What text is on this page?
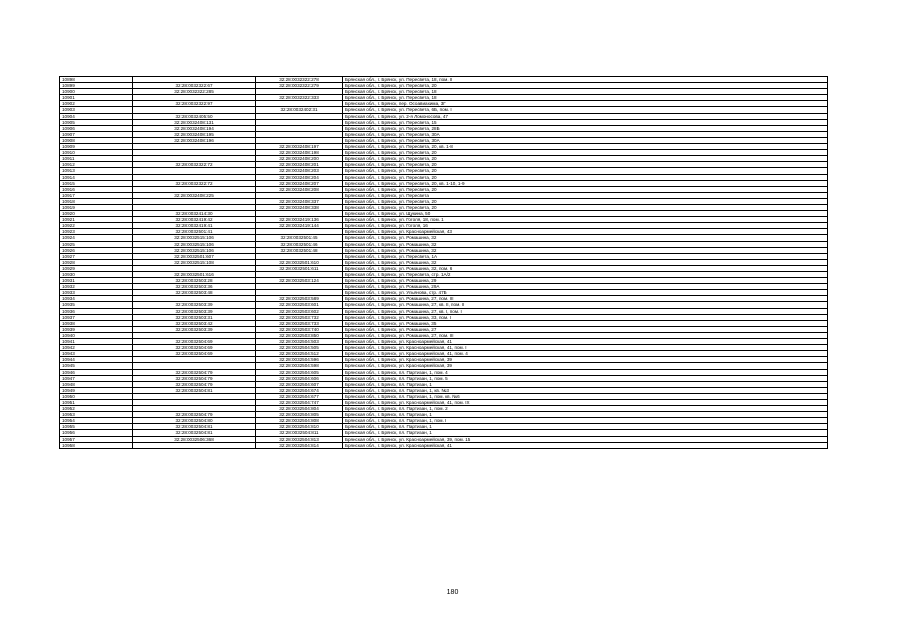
10898		32:28:0032322:278	Брянская обл., г. Брянск, ул. Пересвета, 18, пом. II
10899	32:28:0032322:67	32:28:0032322:279	Брянская обл., г. Брянск, ул. Пересвета, 20
10900	32:28:0032322:285		Брянская обл., г. Брянск, ул. Пересвета, 18
10901		32:28:0032322:333	Брянская обл., г. Брянск, ул. Пересвета, 18
10902	32:28:0032322:97		Брянская обл., г. Брянск, пер. Осоавиахима, 3Г
10903		32:28:0032402:31	Брянская обл., г. Брянск, ул. Пересвета, 6Б, пом. I
10904	32:28:0032405:50		Брянская обл., г. Брянск, ул. 2-я Ломоносова, 47
10905	32:28:0032408:131		Брянская обл., г. Брянск, ул. Пересвета, 15
10906	32:28:0032408:194		Брянская обл., г. Брянск, ул. Пересвета, 28Б
10907	32:28:0032408:195		Брянская обл., г. Брянск, ул. Пересвета, 30А
10908	32:28:0032408:196		Брянская обл., г. Брянск, ул. Пересвета, 30А
10909		32:28:0032408:197	Брянская обл., г. Брянск, ул. Пересвета, 20, кв. 1-8
10910		32:28:0032408:198	Брянская обл., г. Брянск, ул. Пересвета, 20
10911		32:28:0032408:200	Брянская обл., г. Брянск, ул. Пересвета, 20
10912	32:28:0032322:72	32:28:0032408:201	Брянская обл., г. Брянск, ул. Пересвета, 20
10913		32:28:0032408:203	Брянская обл., г. Брянск, ул. Пересвета, 20
10914		32:28:0032408:204	Брянская обл., г. Брянск, ул. Пересвета, 20
10915	32:28:0032322:72	32:28:0032408:207	Брянская обл., г. Брянск, ул. Пересвета, 20, кв. 1-10, 1-9
10916		32:28:0032408:208	Брянская обл., г. Брянск, ул. Пересвета, 20
10917	32:28:0032408:225		Брянская обл., г. Брянск, ул. Пересвета
10918		32:28:0032408:337	Брянская обл., г. Брянск, ул. Пересвета, 20
10919		32:28:0032408:338	Брянская обл., г. Брянск, ул. Пересвета, 20
10920	32:28:0032414:30		Брянская обл., г. Брянск, ул. Щукина, 50
10921	32:28:0032419:42	32:28:0032419:136	Брянская обл., г. Брянск, ул. Гоголя, 18, пом. 1
10922	32:28:0032419:41	32:28:0032419:144	Брянская обл., г. Брянск, ул. Гоголя, 16
10923	32:28:0032501:41		Брянская обл., г. Брянск, ул. Красноармейская, 43
10924	32:28:0032515:106	32:28:0032501:45	Брянская обл., г. Брянск, ул. Ромашина, 32
10925	32:28:0032515:106	32:28:0032501:46	Брянская обл., г. Брянск, ул. Ромашина, 32
10926	32:28:0032515:106	32:28:0032501:48	Брянская обл., г. Брянск, ул. Ромашина, 32
10927	32:28:0032501:607		Брянская обл., г. Брянск, ул. Пересвета, 1А
10928	32:28:0032515:108	32:28:0032501:610	Брянская обл., г. Брянск, ул. Ромашина, 32
10929		32:28:0032501:611	Брянская обл., г. Брянск, ул. Ромашина, 32, пом. 6
10930	32:28:0032501:616		Брянская обл., г. Брянск, ул. Пересвета, стр. 1А/2
10931	32:28:0032503:28	32:28:0032503:124	Брянская обл., г. Брянск, ул. Ромашина, 29
10932	32:28:0032503:36		Брянская обл., г. Брянск, ул. Ромашина, 29А
10933	32:28:0032503:48		Брянская обл., г. Брянск, ул. Ульянова, стр. 47Б
10934		32:28:0032503:589	Брянская обл., г. Брянск, ул. Ромашина, 27, пом. III
10935	32:28:0032503:39	32:28:0032503:601	Брянская обл., г. Брянск, ул. Ромашина, 27, кв. II, пом. II
10936	32:28:0032503:39	32:28:0032503:602	Брянская обл., г. Брянск, ул. Ромашина, 27, кв. I, пом. I
10937	32:28:0032503:31	32:28:0032503:732	Брянская обл., г. Брянск, ул. Ромашина, 33, пом. I
10938	32:28:0032503:42	32:28:0032503:733	Брянская обл., г. Брянск, ул. Ромашина, 35
10939	32:28:0032503:39	32:28:0032503:740	Брянская обл., г. Брянск, ул. Ромашина, 27
10940		32:28:0032503:850	Брянская обл., г. Брянск, ул. Ромашина, 27, пом. III
10941	32:28:0032504:69	32:28:0032504:503	Брянская обл., г. Брянск, ул. Красноармейская, 41
10942	32:28:0032504:69	32:28:0032504:505	Брянская обл., г. Брянск, ул. Красноармейская, 41, пом. I
10943	32:28:0032504:69	32:28:0032504:512	Брянская обл., г. Брянск, ул. Красноармейская, 41, пом. 4
10944		32:28:0032504:596	Брянская обл., г. Брянск, ул. Красноармейская, 39
10945		32:28:0032504:598	Брянская обл., г. Брянск, ул. Красноармейская, 39
10946	32:28:0032504:79	32:28:0032504:605	Брянская обл., г. Брянск, пл. Партизан, 1, пом. 4
10947	32:28:0032504:79	32:28:0032504:606	Брянская обл., г. Брянск, пл. Партизан, 1, пом. 5
10948	32:28:0032504:79	32:28:0032504:607	Брянская обл., г. Брянск, пл. Партизан, 1
10949	32:28:0032504:81	32:28:0032504:674	Брянская обл., г. Брянск, пл. Партизан, 1, кв. №3
10950		32:28:0032504:677	Брянская обл., г. Брянск, пл. Партизан, 1, пом. кв. №6
10951		32:28:0032504:747	Брянская обл., г. Брянск, ул. Красноармейская, 41, пом. IX
10952		32:28:0032504:804	Брянская обл., г. Брянск, пл. Партизан, 1, пом. 2
10953	32:28:0032504:79	32:28:0032504:805	Брянская обл., г. Брянск, пл. Партизан, 1
10954	32:28:0032504:80	32:28:0032504:808	Брянская обл., г. Брянск, пл. Партизан, 1, пом. I
10955	32:28:0032504:81	32:28:0032504:810	Брянская обл., г. Брянск, пл. Партизан, 1
10956	32:28:0032504:81	32:28:0032504:811	Брянская обл., г. Брянск, пл. Партизан, 1
10957	32:28:0032506:368	32:28:0032504:813	Брянская обл., г. Брянск, ул. Красноармейская, 39, пом. 15
10958		32:28:0032504:814	Брянская обл., г. Брянск, ул. Красноармейская, 41
180
